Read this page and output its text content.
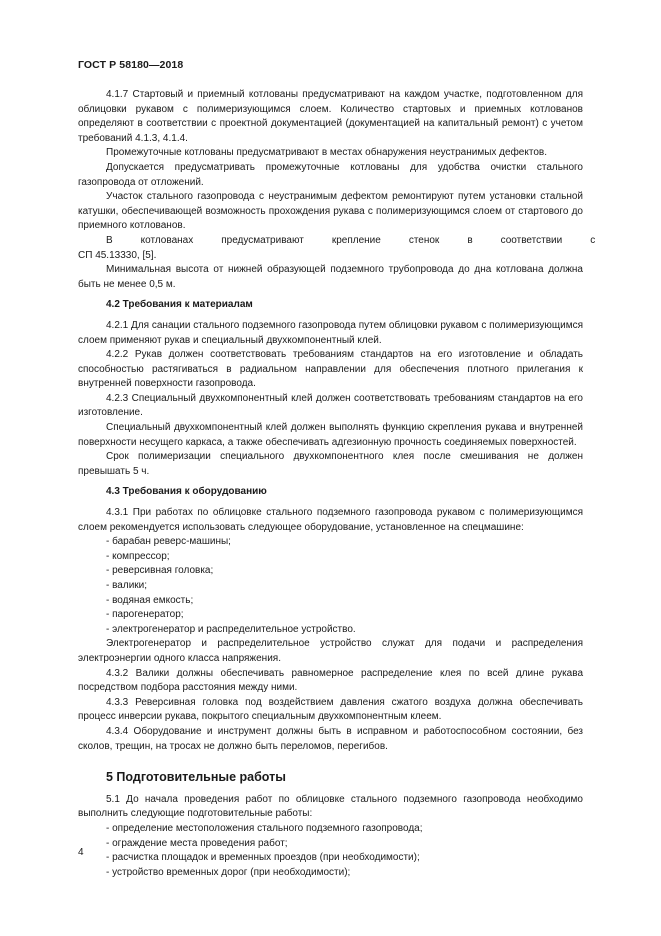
ГОСТ Р 58180—2018

4.1.7 Стартовый и приемный котлованы предусматривают на каждом участке, подготовленном для облицовки рукавом с полимеризующимся слоем. Количество стартовых и приемных котлованов определяют в соответствии с проектной документацией (документацией на капитальный ремонт) с учетом требований 4.1.3, 4.1.4.

Промежуточные котлованы предусматривают в местах обнаружения неустранимых дефектов.

Допускается предусматривать промежуточные котлованы для удобства очистки стального газопровода от отложений.

Участок стального газопровода с неустранимым дефектом ремонтируют путем установки стальной катушки, обеспечивающей возможность прохождения рукава с полимеризующимся слоем от стартового до приемного котлованов.

В	котлованах	предусматривают	крепление	стенок	в	соответствии	с

СП 45.13330, [5].

Минимальная высота от нижней образующей подземного трубопровода до дна котлована должна быть не менее 0,5 м.

4.2 Требования к материалам

4.2.1 Для санации стального подземного газопровода путем облицовки рукавом с полимеризующимся слоем применяют рукав и специальный двухкомпонентный клей.

4.2.2 Рукав должен соответствовать требованиям стандартов на его изготовление и обладать способностью растягиваться в радиальном направлении для обеспечения плотного прилегания к внутренней поверхности газопровода.

4.2.3 Специальный двухкомпонентный клей должен соответствовать требованиям стандартов на его изготовление.

Специальный двухкомпонентный клей должен выполнять функцию скрепления рукава и внутренней поверхности несущего каркаса, а также обеспечивать адгезионную прочность соединяемых поверхностей.

Срок полимеризации специального двухкомпонентного клея после смешивания не должен превышать 5 ч.

4.3 Требования к оборудованию

4.3.1 При работах по облицовке стального подземного газопровода рукавом с полимеризующимся слоем рекомендуется использовать следующее оборудование, установленное на спецмашине:

- барабан реверс-машины;
- компрессор;
- реверсивная головка;
- валики;
- водяная емкость;
- парогенератор;
- электрогенератор и распределительное устройство.

Электрогенератор и распределительное устройство служат для подачи и распределения электроэнергии одного класса напряжения.

4.3.2 Валики должны обеспечивать равномерное распределение клея по всей длине рукава посредством подбора расстояния между ними.

4.3.3 Реверсивная головка под воздействием давления сжатого воздуха должна обеспечивать процесс инверсии рукава, покрытого специальным двухкомпонентным клеем.

4.3.4 Оборудование и инструмент должны быть в исправном и работоспособном состоянии, без сколов, трещин, на тросах не должно быть переломов, перегибов.

5 Подготовительные работы

5.1 До начала проведения работ по облицовке стального подземного газопровода необходимо выполнить следующие подготовительные работы:

- определение местоположения стального подземного газопровода;
- ограждение места проведения работ;
- расчистка площадок и временных проездов (при необходимости);
- устройство временных дорог (при необходимости);
4
